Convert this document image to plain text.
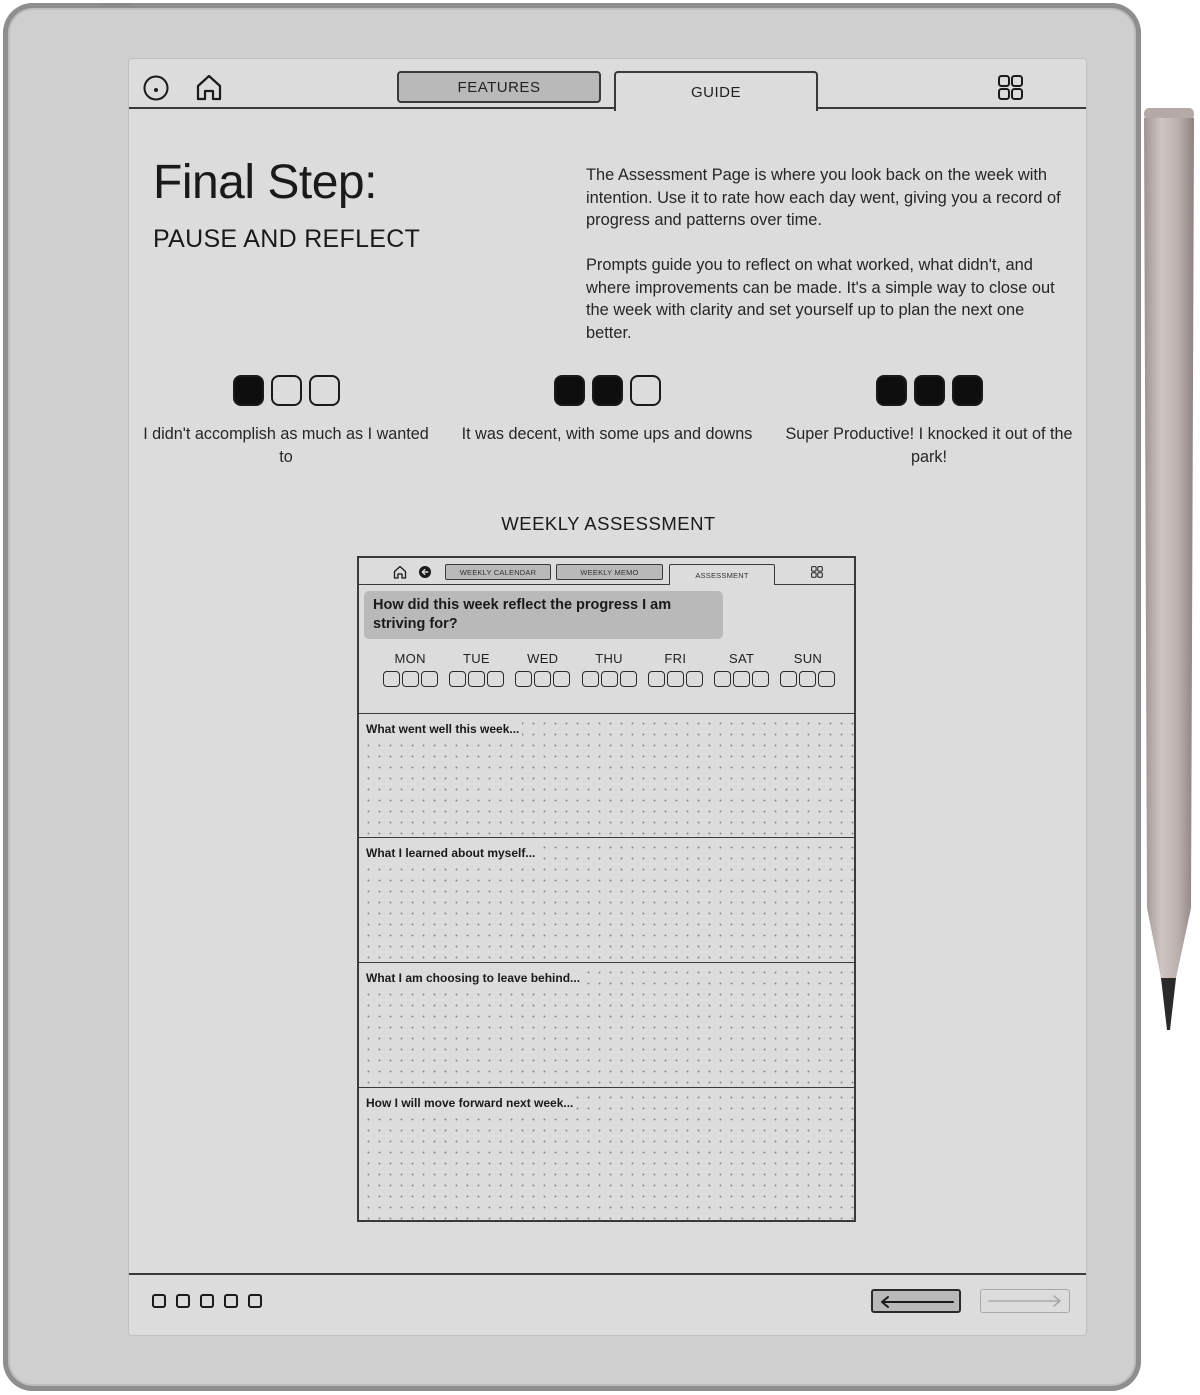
FEATURES	GUIDE
Final Step:
PAUSE AND REFLECT
The Assessment Page is where you look back on the week with intention. Use it to rate how each day went, giving you a record of progress and patterns over time.
Prompts guide you to reflect on what worked, what didn't, and where improvements can be made. It's a simple way to close out the week with clarity and set yourself up to plan the next one better.
I didn't accomplish as much as I wanted to
It was decent, with some ups and downs	Super Productive! I knocked it out of the park!
WEEKLY ASSESSMENT
WEEKLY CALENDAR	WEEKLY MEMO	ASSESSMENT
How did this week reflect the progress I am striving for?
MON	TUE	WED	THU	FRI	SAT	SUN
What went well this week...
What I learned about myself...
What I am choosing to leave behind...
How I will move forward next week...
